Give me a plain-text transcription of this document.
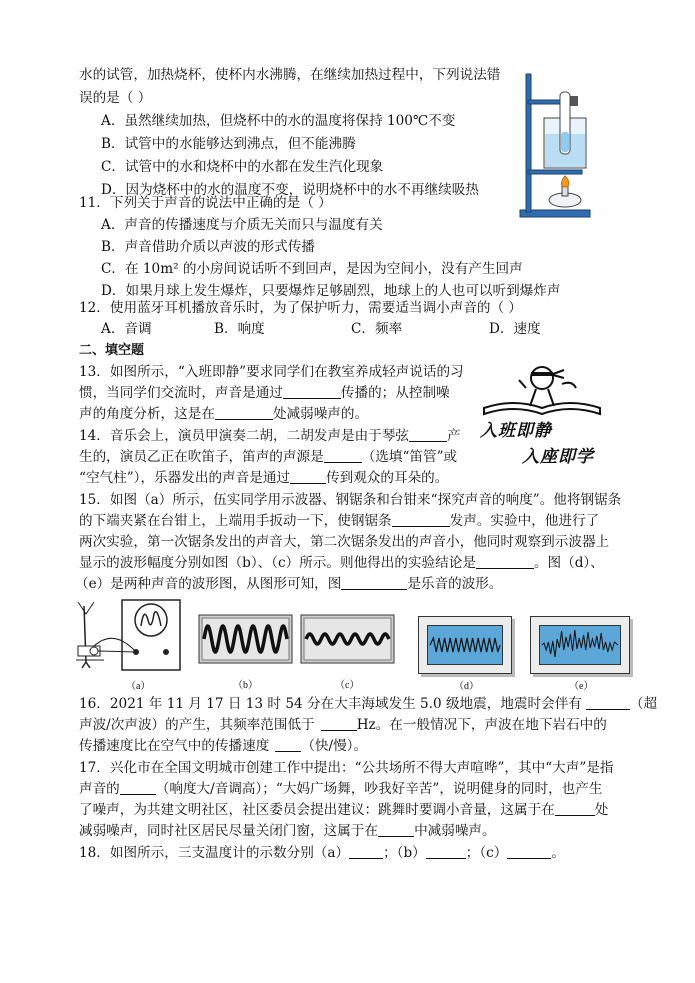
水的试管，加热烧杯，使杯内水沸腾，在继续加热过程中，下列说法错
误的是（ ）
A．虽然继续加热，但烧杯中的水的温度将保持 100℃不变
B．试管中的水能够达到沸点，但不能沸腾
C．试管中的水和烧杯中的水都在发生汽化现象
D．因为烧杯中的水的温度不变，说明烧杯中的水不再继续吸热
11．下列关于声音的说法中正确的是（ ）
A．声音的传播速度与介质无关而只与温度有关
B．声音借助介质以声波的形式传播
C．在 10m² 的小房间说话听不到回声，是因为空间小，没有产生回声
D．如果月球上发生爆炸，只要爆炸足够剧烈，地球上的人也可以听到爆炸声
12．使用蓝牙耳机播放音乐时，为了保护听力，需要适当调小声音的（ ）
A．音调	B．响度	C．频率	D．速度
二、填空题
13．如图所示，“入班即静”要求同学们在教室养成轻声说话的习
惯，当同学们交流时，声音是通过	传播的；从控制噪
声的角度分析，这是在	处减弱噪声的。
入班即静
入座即学
14．音乐会上，演员甲演奏二胡，二胡发声是由于琴弦	产
生的，演员乙正在吹笛子，笛声的声源是	（选填“笛管”或
“空气柱”），乐器发出的声音是通过	传到观众的耳朵的。
15．如图（a）所示，伍实同学用示波器、钢锯条和台钳来“探究声音的响度”。他将钢锯条
的下端夹紧在台钳上，上端用手扳动一下，使钢锯条	发声。实验中，他进行了
两次实验，第一次锯条发出的声音大，第二次锯条发出的声音小，他同时观察到示波器上
显示的波形幅度分别如图（b）、（c）所示。则他得出的实验结论是	。图（d）、
（e）是两种声音的波形图，从图形可知，图	是乐音的波形。
（a）	（b）	（c）	（d）	（e）
16．2021 年 11 月 17 日 13 时 54 分在大丰海域发生 5.0 级地震，地震时会伴有	（超
声波/次声波）的产生，其频率范围低于	Hz。在一般情况下，声波在地下岩石中的
传播速度比在空气中的传播速度 （快/慢）。
17．兴化市在全国文明城市创建工作中提出：“公共场所不得大声喧哗”，其中“大声”是指
声音的	（响度大/音调高）；“大妈广场舞，吵我好辛苦”，说明健身的同时，也产生
了噪声，为共建文明社区，社区委员会提出建议：跳舞时要调小音量，这属于在	处
减弱噪声，同时社区居民尽量关闭门窗，这属于在	中减弱噪声。
18．如图所示，三支温度计的示数分别（a）	；（b）	；（c）	。
